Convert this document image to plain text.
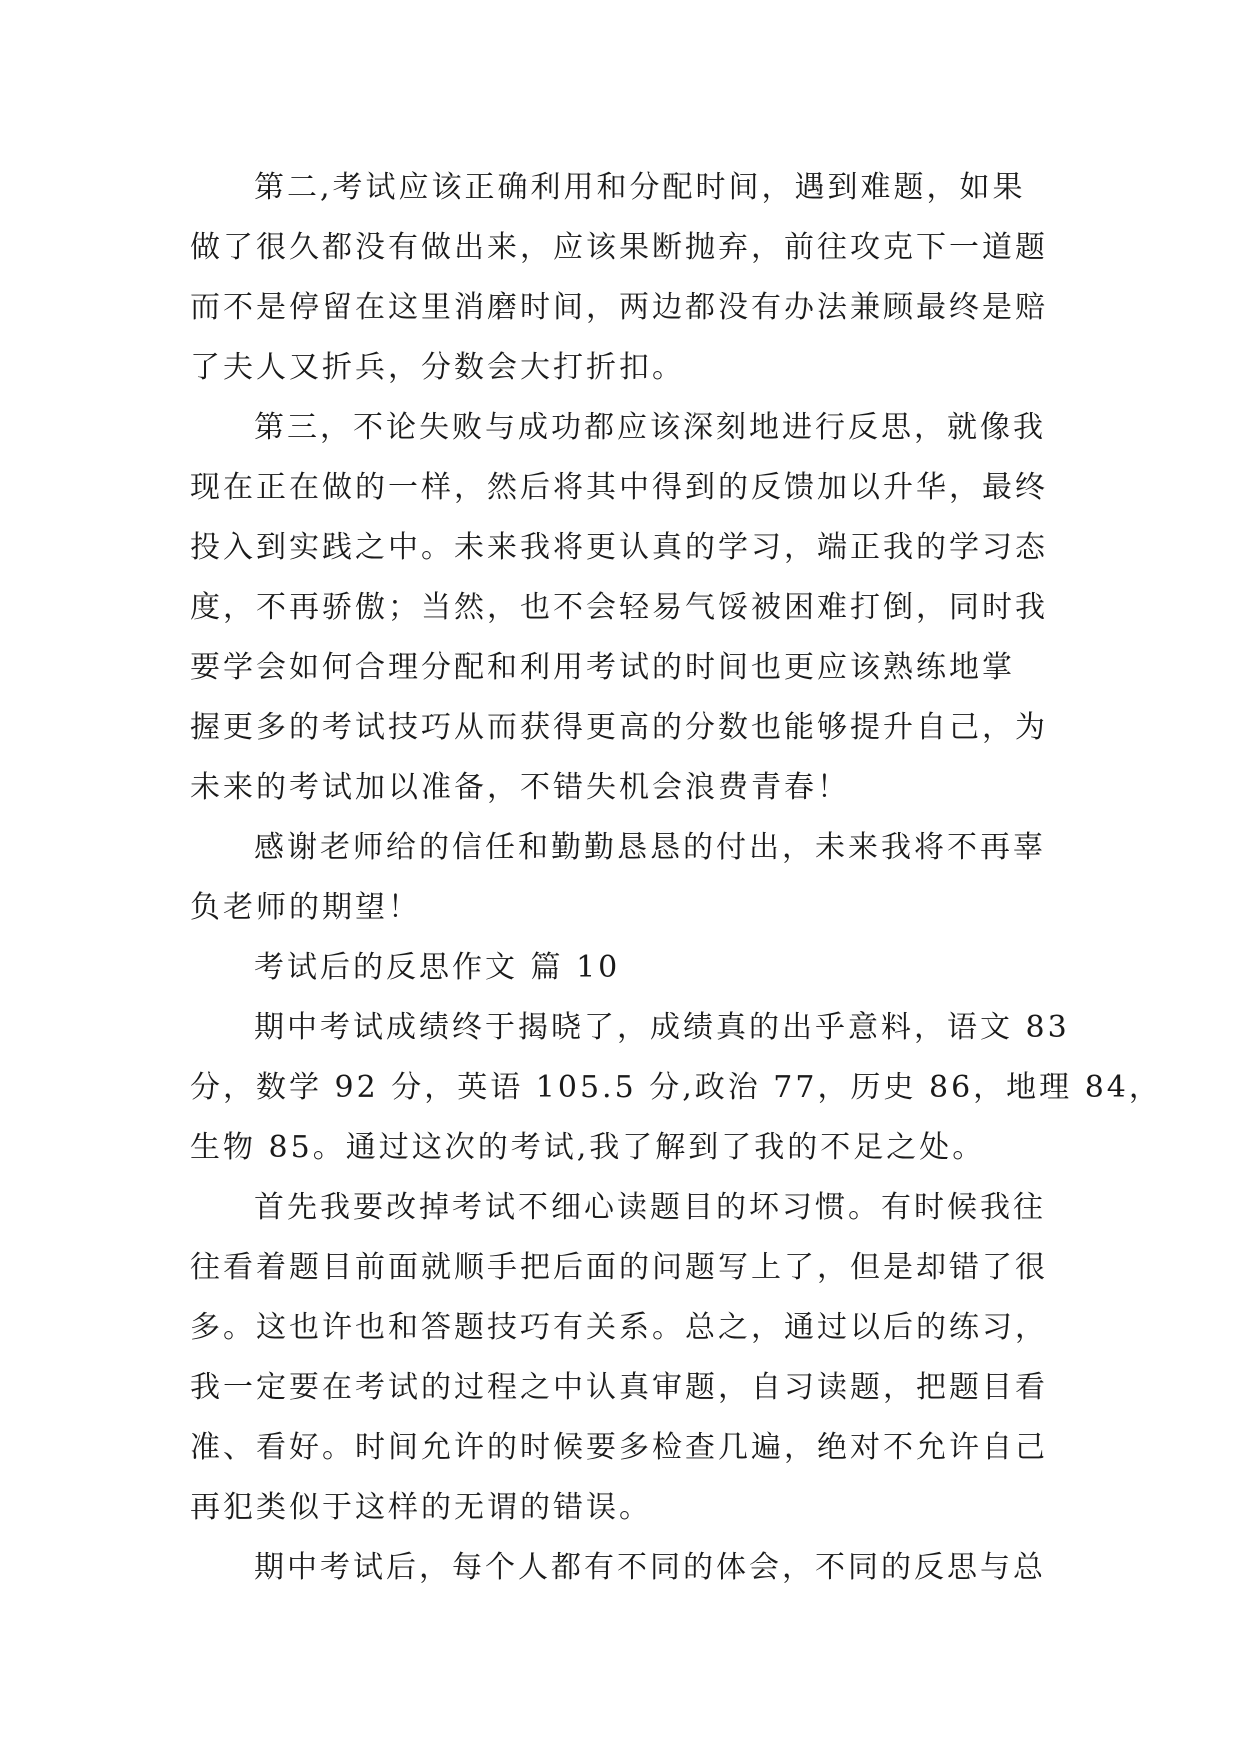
第二,考试应该正确利用和分配时间，遇到难题，如果
做了很久都没有做出来，应该果断抛弃，前往攻克下一道题
而不是停留在这里消磨时间，两边都没有办法兼顾最终是赔
了夫人又折兵，分数会大打折扣。
第三，不论失败与成功都应该深刻地进行反思，就像我
现在正在做的一样，然后将其中得到的反馈加以升华，最终
投入到实践之中。未来我将更认真的学习，端正我的学习态
度，不再骄傲；当然，也不会轻易气馁被困难打倒，同时我
要学会如何合理分配和利用考试的时间也更应该熟练地掌
握更多的考试技巧从而获得更高的分数也能够提升自己，为
未来的考试加以准备，不错失机会浪费青春！
感谢老师给的信任和勤勤恳恳的付出，未来我将不再辜
负老师的期望！
考试后的反思作文 篇 10
期中考试成绩终于揭晓了，成绩真的出乎意料，语文 83
分，数学 92 分，英语 105.5 分,政治 77，历史 86，地理 84，
生物 85。通过这次的考试,我了解到了我的不足之处。
首先我要改掉考试不细心读题目的坏习惯。有时候我往
往看着题目前面就顺手把后面的问题写上了，但是却错了很
多。这也许也和答题技巧有关系。总之，通过以后的练习，
我一定要在考试的过程之中认真审题，自习读题，把题目看
准、看好。时间允许的时候要多检查几遍，绝对不允许自己
再犯类似于这样的无谓的错误。
期中考试后，每个人都有不同的体会，不同的反思与总
